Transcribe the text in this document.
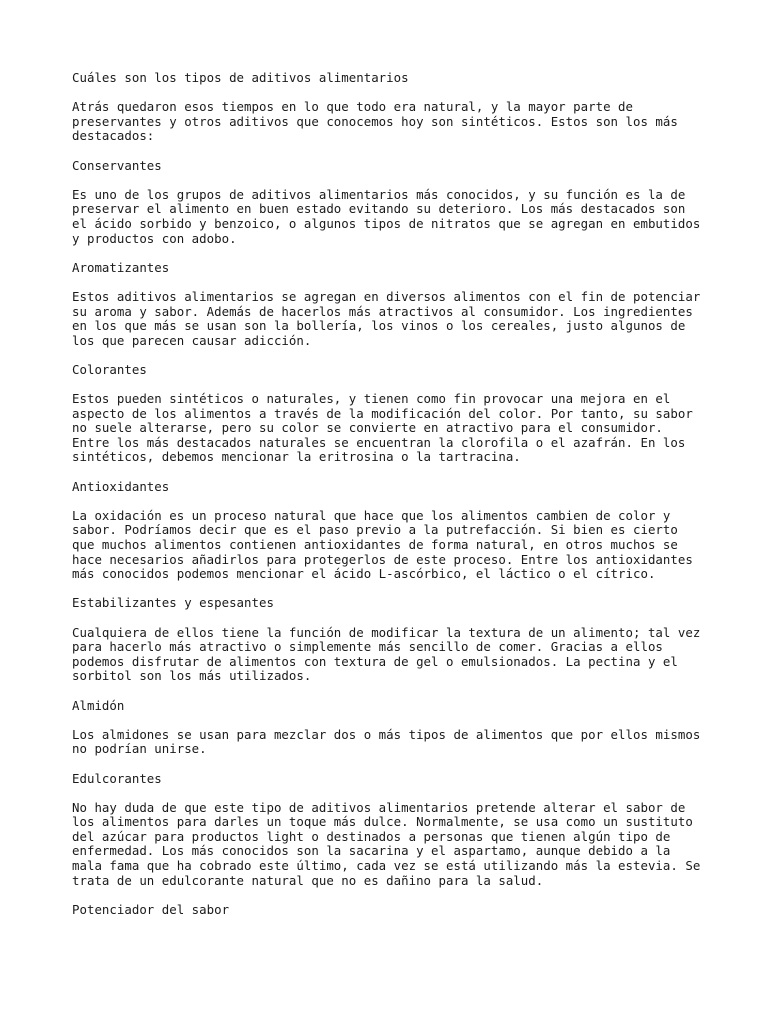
Cuáles son los tipos de aditivos alimentarios

Atrás quedaron esos tiempos en lo que todo era natural, y la mayor parte de preservantes y otros aditivos que conocemos hoy son sintéticos. Estos son los más destacados:

Conservantes

Es uno de los grupos de aditivos alimentarios más conocidos, y su función es la de preservar el alimento en buen estado evitando su deterioro. Los más destacados son el ácido sorbido y benzoico, o algunos tipos de nitratos que se agregan en embutidos y productos con adobo.

Aromatizantes

Estos aditivos alimentarios se agregan en diversos alimentos con el fin de potenciar su aroma y sabor. Además de hacerlos más atractivos al consumidor. Los ingredientes en los que más se usan son la bollería, los vinos o los cereales, justo algunos de los que parecen causar adicción.

Colorantes

Estos pueden sintéticos o naturales, y tienen como fin provocar una mejora en el aspecto de los alimentos a través de la modificación del color. Por tanto, su sabor no suele alterarse, pero su color se convierte en atractivo para el consumidor. Entre los más destacados naturales se encuentran la clorofila o el azafrán. En los sintéticos, debemos mencionar la eritrosina o la tartracina.

Antioxidantes

La oxidación es un proceso natural que hace que los alimentos cambien de color y sabor. Podríamos decir que es el paso previo a la putrefacción. Si bien es cierto que muchos alimentos contienen antioxidantes de forma natural, en otros muchos se hace necesarios añadirlos para protegerlos de este proceso. Entre los antioxidantes más conocidos podemos mencionar el ácido L-ascórbico, el láctico o el cítrico.

Estabilizantes y espesantes

Cualquiera de ellos tiene la función de modificar la textura de un alimento; tal vez para hacerlo más atractivo o simplemente más sencillo de comer. Gracias a ellos podemos disfrutar de alimentos con textura de gel o emulsionados. La pectina y el sorbitol son los más utilizados.

Almidón

Los almidones se usan para mezclar dos o más tipos de alimentos que por ellos mismos no podrían unirse.

Edulcorantes

No hay duda de que este tipo de aditivos alimentarios pretende alterar el sabor de los alimentos para darles un toque más dulce. Normalmente, se usa como un sustituto del azúcar para productos light o destinados a personas que tienen algún tipo de enfermedad. Los más conocidos son la sacarina y el aspartamo, aunque debido a la mala fama que ha cobrado este último, cada vez se está utilizando más la estevia. Se trata de un edulcorante natural que no es dañino para la salud.

Potenciador del sabor
